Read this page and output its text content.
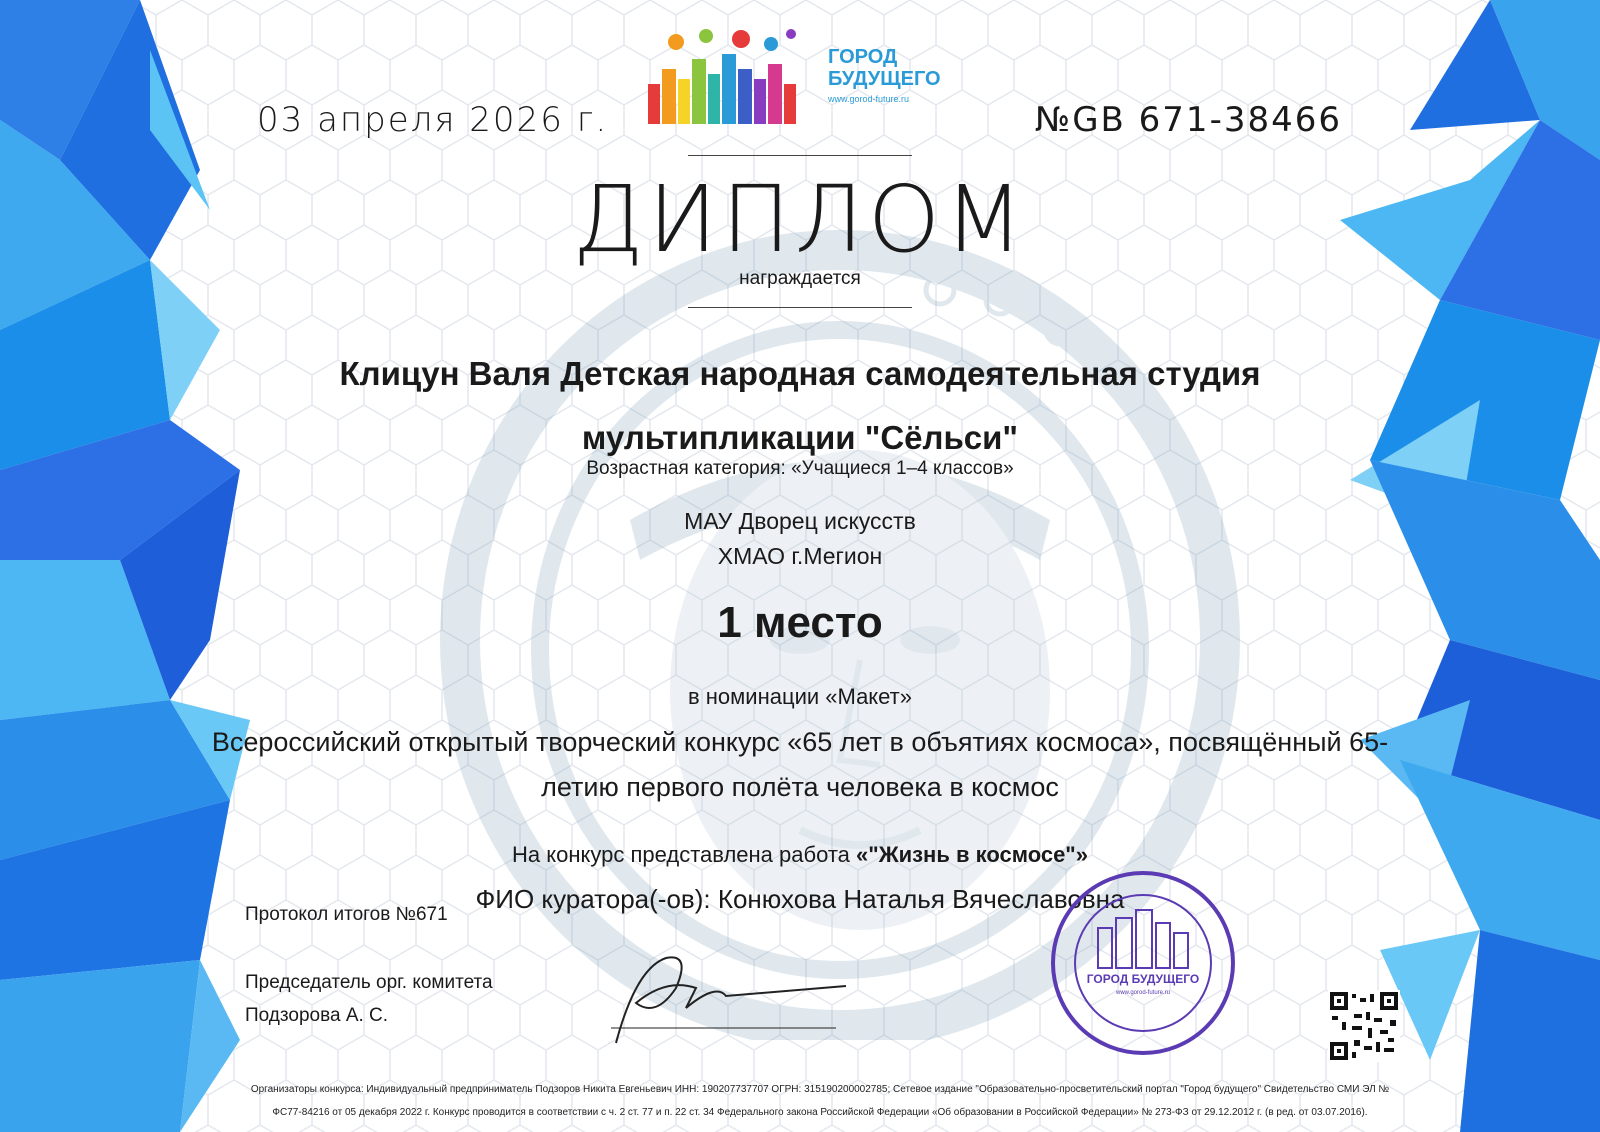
03 апреля 2026 г.	№GB 671-38466
ГОРОД
БУДУЩЕГО
www.gorod-future.ru
ДИПЛОМ
награждается
Клицун Валя Детская народная самодеятельная студия
мультипликации "Сёльси"
Возрастная категория: «Учащиеся 1–4 классов»
МАУ Дворец искусств
ХМАО г.Мегион
1 место
в номинации «Макет»
Всероссийский открытый творческий конкурс «65 лет в объятиях космоса», посвящённый 65-
летию первого полёта человека в космос
На конкурс представлена работа «"Жизнь в космосе"»
ФИО куратора(-ов): Конюхова Наталья Вячеславовна
Протокол итогов №671
Председатель орг. комитета
Подзорова А. С.
ГОРОД БУДУЩЕГО
www.gorod-future.ru
Организаторы конкурса: Индивидуальный предприниматель Подзоров Никита Евгеньевич ИНН: 190207737707 ОГРН: 315190200002785; Сетевое издание "Образовательно-просветительский портал "Город будущего" Свидетельство СМИ ЭЛ №
ФС77-84216 от 05 декабря 2022 г. Конкурс проводится в соответствии с ч. 2 ст. 77 и п. 22 ст. 34 Федерального закона Российской Федерации «Об образовании в Российской Федерации» № 273-ФЗ от 29.12.2012 г. (в ред. от 03.07.2016).
